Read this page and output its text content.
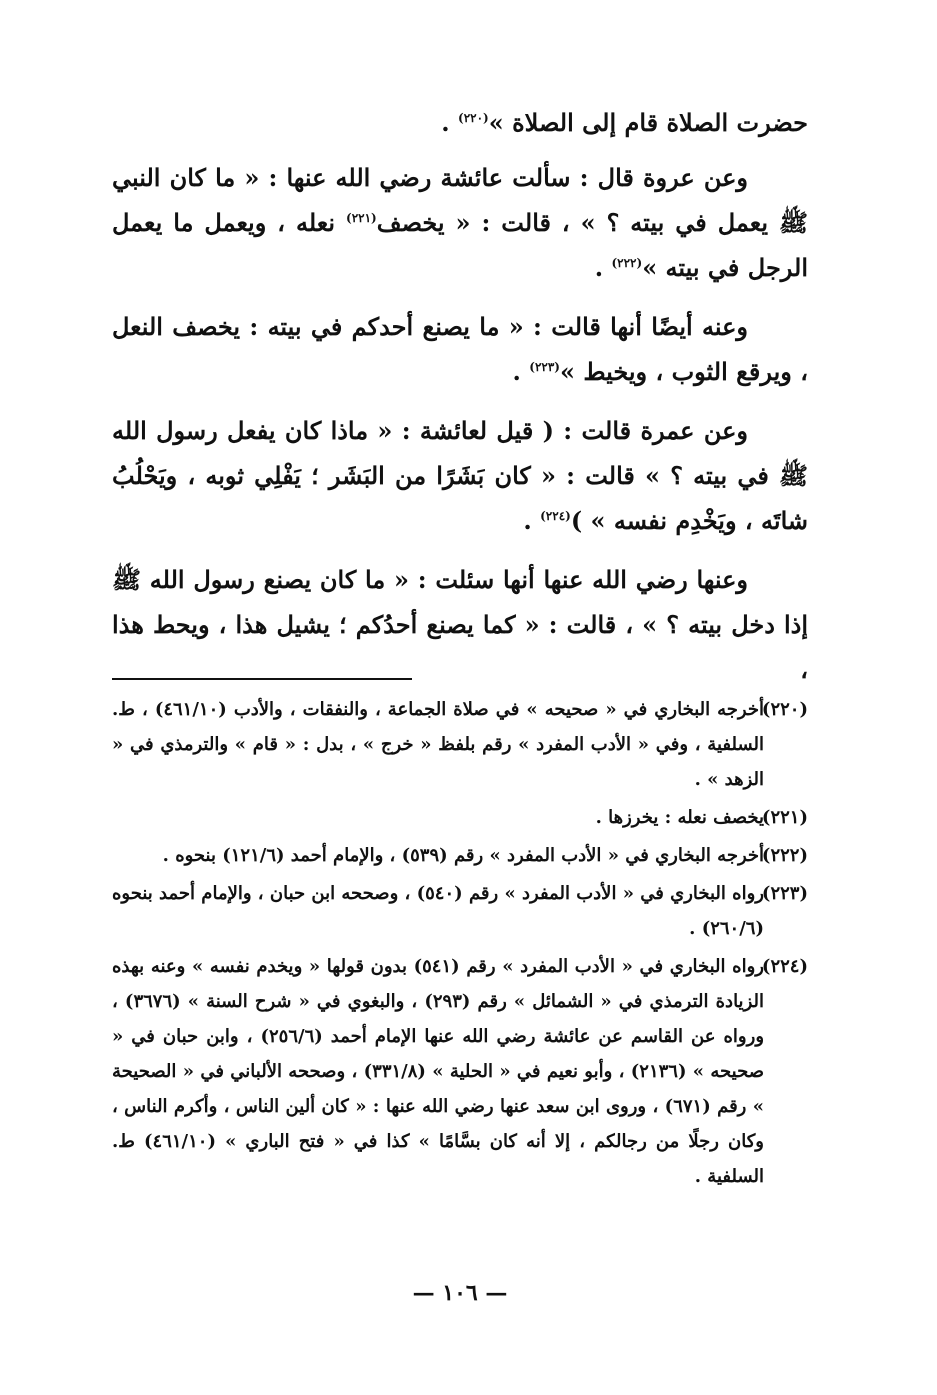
حضرت الصلاة قام إلى الصلاة »$^{(٢٢٠)}$ .

وعن عروة قال : سألت عائشة رضي الله عنها : « ما كان النبي ﷺ يعمل في بيته ؟ » ، قالت : « يخصف$^{(٢٢١)}$ نعله ، ويعمل ما يعمل الرجل في بيته »$^{(٢٢٢)}$ .

وعنه أيضًا أنها قالت : « ما يصنع أحدكم في بيته : يخصف النعل ، ويرقع الثوب ، ويخيط »$^{(٢٢٣)}$ .

وعن عمرة قالت : ( قيل لعائشة : « ماذا كان يفعل رسول الله ﷺ في بيته ؟ » قالت : « كان بَشَرًا من البَشَر ؛ يَفْلِي ثوبه ، ويَحْلُبُ شاتَه ، ويَخْدِم نفسه » )$^{(٢٢٤)}$ .

وعنها رضي الله عنها أنها سئلت : « ما كان يصنع رسول الله ﷺ إذا دخل بيته ؟ » ، قالت : « كما يصنع أحدُكم ؛ يشيل هذا ، ويحط هذا ،

(٢٢٠)أخرجه البخاري في « صحيحه » في صلاة الجماعة ، والنفقات ، والأدب (٤٦١/١٠) ، ط. السلفية ، وفي « الأدب المفرد » رقم بلفظ « خرج » ، بدل : « قام » والترمذي في « الزهد » .

(٢٢١)يخصف نعله : يخرزها .

(٢٢٢)أخرجه البخاري في « الأدب المفرد » رقم (٥٣٩) ، والإمام أحمد (١٢١/٦) بنحوه .

(٢٢٣)رواه البخاري في « الأدب المفرد » رقم (٥٤٠) ، وصححه ابن حبان ، والإمام أحمد بنحوه (٢٦٠/٦) .

(٢٢٤)رواه البخاري في « الأدب المفرد » رقم (٥٤١) بدون قولها « ويخدم نفسه » وعنه بهذه الزيادة الترمذي في « الشمائل » رقم (٢٩٣) ، والبغوي في « شرح السنة » (٣٦٧٦) ، ورواه عن القاسم عن عائشة رضي الله عنها الإمام أحمد (٢٥٦/٦) ، وابن حبان في « صحيحه » (٢١٣٦) ، وأبو نعيم في « الحلية » (٣٣١/٨) ، وصححه الألباني في « الصحيحة » رقم (٦٧١) ، وروى ابن سعد عنها رضي الله عنها : « كان ألين الناس ، وأكرم الناس ، وكان رجلًا من رجالكم ، إلا أنه كان بسَّامًا » كذا في « فتح الباري » (٤٦١/١٠) ط. السلفية .

— ١٠٦ —
